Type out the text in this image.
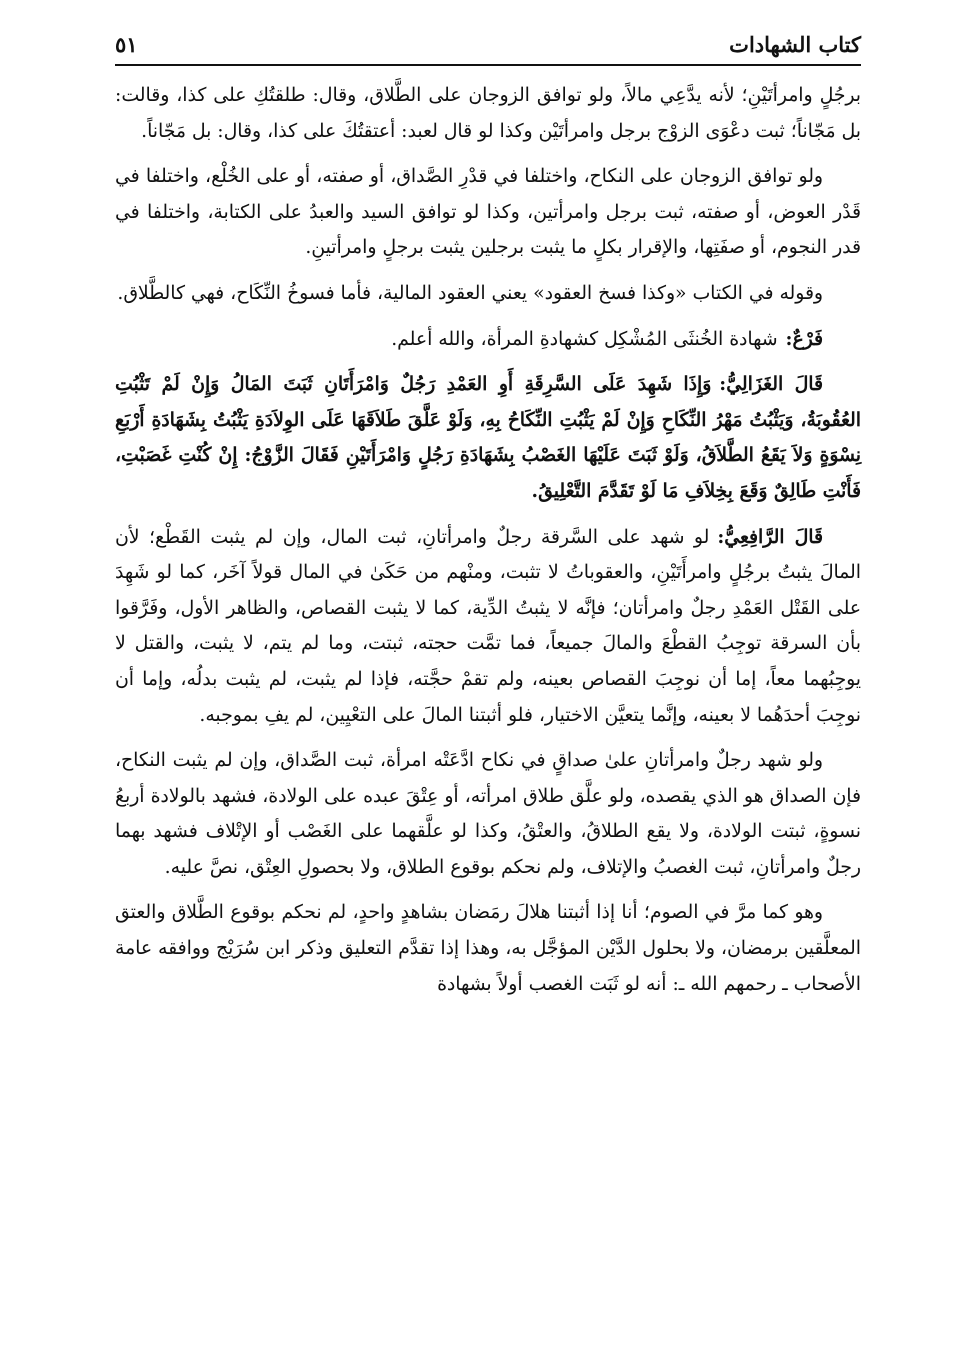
كتاب الشهادات
٥١

برجُلٍ وامرأتَيْنِ؛ لأنه يدَّعِي مالاً، ولو توافق الزوجان على الطَّلاق، وقال: طلقتُكِ على كذا، وقالت: بل مَجّاناً؛ ثبت دعْوَى الزوْج برجل وامرأتَيْن وكذا لو قال لعبد: أعتقتُكَ على كذا، وقال: بل مَجّاناً.

ولو توافق الزوجان على النكاح، واختلفا في قدْرِ الصَّداق، أو صفته، أو على الخُلْع، واختلفا في قَدْر العوض، أو صفته، ثبت برجل وامرأتين، وكذا لو توافق السيد والعبدُ على الكتابة، واختلفا في قدر النجوم، أو صفَتِها، والإقرار بكلٍ ما يثبت برجلين يثبت برجلٍ وامرأتينِ.

وقوله في الكتاب «وكذا فسخ العقود» يعني العقود المالية، فأما فسوخُ النِّكَاح، فهي كالطَّلاق.

فَرْعٌ:شهادة الخُنثَى المُشْكِل كشهادةِ المرأة، والله أعلم.

قَالَ الغَزَالِيُّ:وَإِذَا شَهِدَ عَلَى السَّرِقَةِ أَوِ العَمْدِ رَجُلٌ وَامْرَأَتَانِ ثَبَتَ المَالُ وَإِنْ لَمْ تَثْبُتِ العُقُوبَةُ، وَيَثْبُتُ مَهْرُ النِّكَاحِ وَإِنْ لَمْ يَثْبُتِ النِّكَاحُ بِهِ، وَلَوْ عَلَّقَ طَلاَقَهَا عَلَى الوِلاَدَةِ يَثْبُتُ بِشَهَادَةِ أَرْبَعِ نِسْوَةٍ وَلاَ يَقَعُ الطَّلاَقُ، وَلَوْ ثَبَتَ عَلَيْهَا الغَصْبُ بِشَهَادَةِ رَجُلٍ وَامْرَأَتَيْنِ فَقَالَ الزَّوْجُ: إِنْ كُنْتِ غَصَبْتِ، فَأَنْتِ طَالِقٌ وَقَعَ بِخِلاَفِ مَا لَوْ تَقَدَّمَ التَّعْلِيقُ.

قَالَ الرَّافِعِيُّ:لو شهد على السَّرقة رجلٌ وامرأتانِ، ثبت المال، وإن لم يثبت القَطْع؛ لأن المالَ يثبتُ برجُلٍ وامرأَتَيْنِ، والعقوباتُ لا تثبت، ومنْهم من حَكَىٰ في المال قولاً آخَر، كما لو شَهِدَ على القَتْل العَمْدِ رجلٌ وامرأتان؛ فإنَّه لا يثبتُ الدِّية، كما لا يثبت القصاص، والظاهر الأول، وفَرَّقوا بأن السرقة توجِبُ القطْعَ والمالَ جميعاً، فما تمَّت حجته، ثبتت، وما لم يتم، لا يثبت، والقتل لا يوجِبُهما معاً، إما أن نوجِبَ القصاص بعينه، ولم تقمْ حجَّته، فإذا لم يثبت، لم يثبت بدلُه، وإما أن نوجِبَ أحدَهُما لا بعينه، وإنَّما يتعيَّن الاختيار، فلو أثبتنا المالَ على التعْيِين، لم يفِ بموجبه.

ولو شهد رجلٌ وامرأتانِ علىٰ صداقٍ في نكاح ادَّعَتْه امرأة، ثبت الصَّداق، وإن لم يثبت النكاح، فإن الصداق هو الذي يقصده، ولو علَّق طلاق امرأته، أو عِتْقَ عبده على الولادة، فشهد بالولادة أربعُ نسوةٍ، ثبتت الولادة، ولا يقع الطلاقُ، والعتْقُ، وكذا لو علَّقهما على الغَصْب أو الإتْلاف فشهد بهما رجلٌ وامرأتانِ، ثبت الغصبُ والإتلاف، ولم نحكم بوقوع الطلاق، ولا بحصولِ العِتْق، نصَّ عليه.

وهو كما مرَّ في الصوم؛ أنا إذا أثبتنا هلالَ رمَضان بشاهدٍ واحدٍ، لم نحكم بوقوع الطَّلاق والعتق المعلَّقين برمضان، ولا بحلول الدَّيْن المؤجَّل به، وهذا إذا تقدَّم التعليق وذكر ابن سُرَيْج ووافقه عامة الأصحاب ـ رحمهم الله ـ: أنه لو ثَبَت الغصب أولاً بشهادة
